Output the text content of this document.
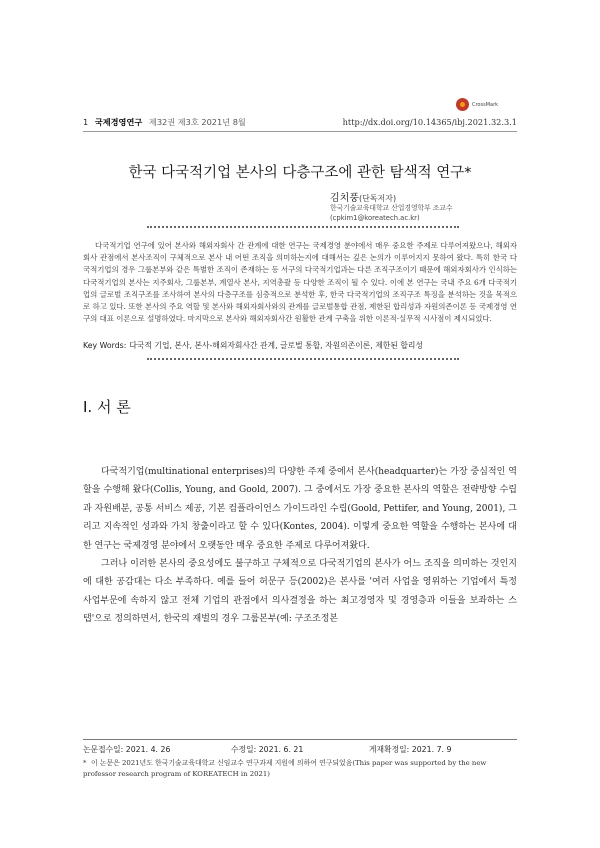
CrossMark
1 국제경영연구 제32권 제3호 2021년 8월	http://dx.doi.org/10.14365/ibj.2021.32.3.1
한국 다국적기업 본사의 다층구조에 관한 탐색적 연구*
김치풍(단독저자)
한국기술교육대학교 산업경영학부 조교수
(cpkim1@koreatech.ac.kr)

다국적기업 연구에 있어 본사와 해외자회사 간 관계에 대한 연구는 국제경영 분야에서 매우 중요한 주제로 다루어져왔으나, 해외자회사 관점에서 본사조직이 구체적으로 본사 내 어떤 조직을 의미하는지에 대해서는 깊은 논의가 이루어지지 못하여 왔다. 특히 한국 다국적기업의 경우 그룹본부와 같은 특별한 조직이 존재하는 등 서구의 다국적기업과는 다른 조직구조이기 때문에 해외자회사가 인식하는 다국적기업의 본사는 지주회사, 그룹본부, 계열사 본사, 지역총괄 등 다양한 조직이 될 수 있다. 이에 본 연구는 국내 주요 6개 다국적기업의 글로벌 조직구조를 조사하여 본사의 다층구조를 심층적으로 분석한 후, 한국 다국적기업의 조직구조 특징을 분석하는 것을 목적으로 하고 있다. 또한 본사의 주요 역할 및 본사와 해외자회사와의 관계를 글로벌통합 관점, 제한된 합리성과 자원의존이론 등 국제경영 연구의 대표 이론으로 설명하였다. 마지막으로 본사와 해외자회사간 원활한 관계 구축을 위한 이론적·실무적 시사점이 제시되었다.

Key Words: 다국적 기업, 본사, 본사-해외자회사간 관계, 글로벌 통합, 자원의존이론, 제한된 합리성
Ⅰ. 서 론

다국적기업(multinational enterprises)의 다양한 주제 중에서 본사(headquarter)는 가장 중심적인 역할을 수행해 왔다(Collis, Young, and Goold, 2007). 그 중에서도 가장 중요한 본사의 역할은 전략방향 수립과 자원배분, 공통 서비스 제공, 기본 컴플라이언스 가이드라인 수립(Goold, Pettifer, and Young, 2001), 그리고 지속적인 성과와 가치 창출이라고 할 수 있다(Kontes, 2004). 이렇게 중요한 역할을 수행하는 본사에 대한 연구는 국제경영 분야에서 오랫동안 매우 중요한 주제로 다루어져왔다.

그러나 이러한 본사의 중요성에도 불구하고 구체적으로 다국적기업의 본사가 어느 조직을 의미하는 것인지에 대한 공감대는 다소 부족하다. 예를 들어 허문구 등(2002)은 본사를 '여러 사업을 영위하는 기업에서 특정 사업부문에 속하지 않고 전체 기업의 관점에서 의사결정을 하는 최고경영자 및 경영층과 이들을 보좌하는 스탭'으로 정의하면서, 한국의 재벌의 경우 그룹본부(예: 구조조정본

논문접수일: 2021. 4. 26	수정일: 2021. 6. 21	게재확정일: 2021. 7. 9
* 이 논문은 2021년도 한국기술교육대학교 신임교수 연구과제 지원에 의하여 연구되었음(This paper was supported by the new professor research program of KOREATECH in 2021)
